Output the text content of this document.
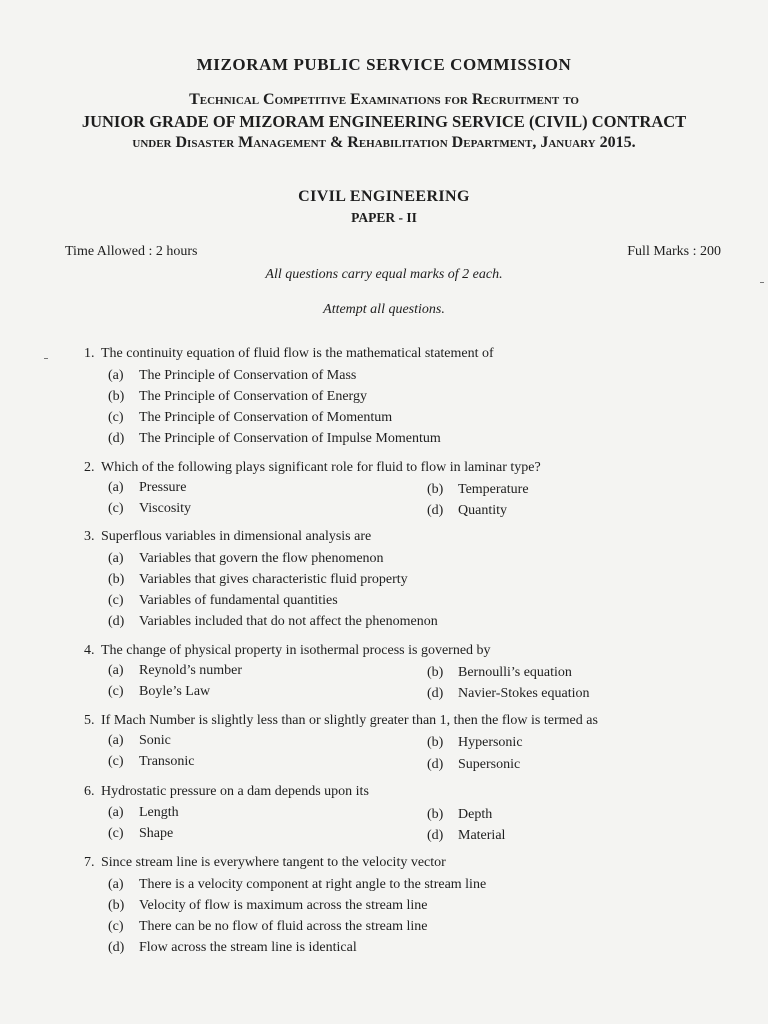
MIZORAM PUBLIC SERVICE COMMISSION
Technical Competitive Examinations for Recruitment to
JUNIOR GRADE OF MIZORAM ENGINEERING SERVICE (CIVIL) CONTRACT
under Disaster Management & Rehabilitation Department, January 2015.
CIVIL ENGINEERING
PAPER - II
Time Allowed : 2 hours	Full Marks : 200
All questions carry equal marks of 2 each.
Attempt all questions.
1. The continuity equation of fluid flow is the mathematical statement of
(a) The Principle of Conservation of Mass
(b) The Principle of Conservation of Energy
(c) The Principle of Conservation of Momentum
(d) The Principle of Conservation of Impulse Momentum
2. Which of the following plays significant role for fluid to flow in laminar type?
(a) Pressure	(b) Temperature
(c) Viscosity	(d) Quantity
3. Superflous variables in dimensional analysis are
(a) Variables that govern the flow phenomenon
(b) Variables that gives characteristic fluid property
(c) Variables of fundamental quantities
(d) Variables included that do not affect the phenomenon
4. The change of physical property in isothermal process is governed by
(a) Reynold’s number	(b) Bernoulli’s equation
(c) Boyle’s Law	(d) Navier-Stokes equation
5. If Mach Number is slightly less than or slightly greater than 1, then the flow is termed as
(a) Sonic	(b) Hypersonic
(c) Transonic	(d) Supersonic
6. Hydrostatic pressure on a dam depends upon its
(a) Length	(b) Depth
(c) Shape	(d) Material
7. Since stream line is everywhere tangent to the velocity vector
(a) There is a velocity component at right angle to the stream line
(b) Velocity of flow is maximum across the stream line
(c) There can be no flow of fluid across the stream line
(d) Flow across the stream line is identical
